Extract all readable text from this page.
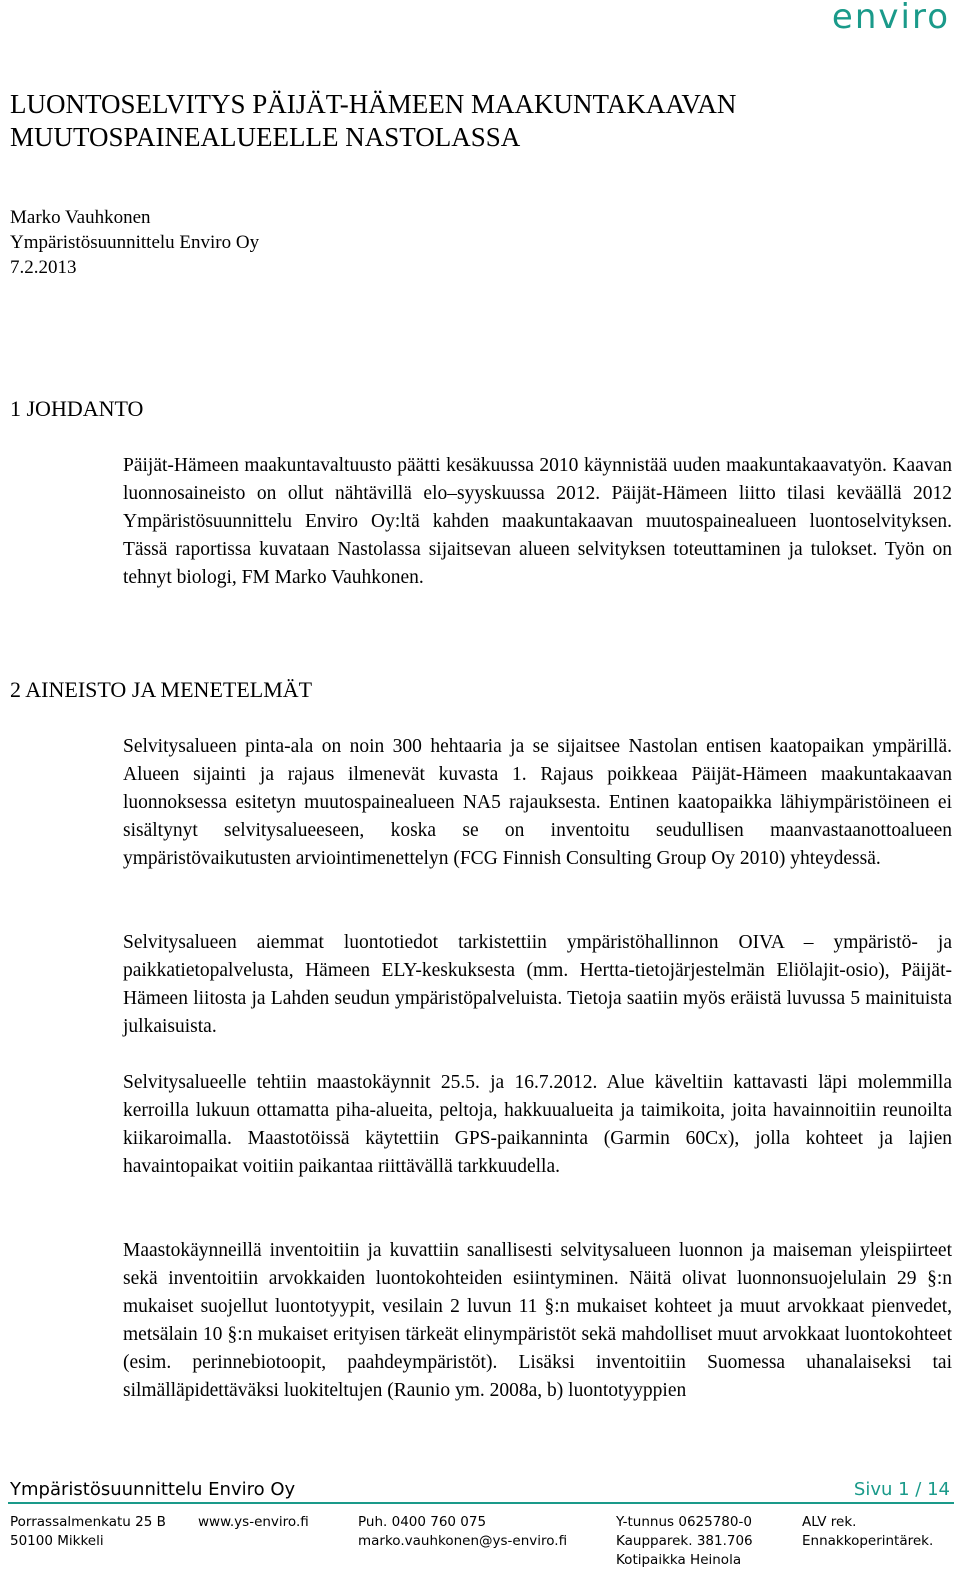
enviro
LUONTOSELVITYS PÄIJÄT-HÄMEEN MAAKUNTAKAAVAN MUUTOSPAINEALUEELLE NASTOLASSA
Marko Vauhkonen
Ympäristösuunnittelu Enviro Oy
7.2.2013
1 JOHDANTO

Päijät-Hämeen maakuntavaltuusto päätti kesäkuussa 2010 käynnistää uuden maakuntakaavatyön. Kaavan luonnosaineisto on ollut nähtävillä elo–syyskuussa 2012. Päijät-Hämeen liitto tilasi keväällä 2012 Ympäristösuunnittelu Enviro Oy:ltä kahden maakuntakaavan muutospainealueen luontoselvityksen. Tässä raportissa kuvataan Nastolassa sijaitsevan alueen selvityksen toteuttaminen ja tulokset. Työn on tehnyt biologi, FM Marko Vauhkonen.

2 AINEISTO JA MENETELMÄT

Selvitysalueen pinta-ala on noin 300 hehtaaria ja se sijaitsee Nastolan entisen kaatopaikan ympärillä. Alueen sijainti ja rajaus ilmenevät kuvasta 1. Rajaus poikkeaa Päijät-Hämeen maakuntakaavan luonnoksessa esitetyn muutospainealueen NA5 rajauksesta. Entinen kaatopaikka lähiympäristöineen ei sisältynyt selvitysalueeseen, koska se on inventoitu seudullisen maanvastaanottoalueen ympäristövaikutusten arviointimenettelyn (FCG Finnish Consulting Group Oy 2010) yhteydessä.

Selvitysalueen aiemmat luontotiedot tarkistettiin ympäristöhallinnon OIVA – ympäristö- ja paikkatietopalvelusta, Hämeen ELY-keskuksesta (mm. Hertta-tietojärjestelmän Eliölajit-osio), Päijät-Hämeen liitosta ja Lahden seudun ympäristöpalveluista. Tietoja saatiin myös eräistä luvussa 5 mainituista julkaisuista.

Selvitysalueelle tehtiin maastokäynnit 25.5. ja 16.7.2012. Alue käveltiin kattavasti läpi molemmilla kerroilla lukuun ottamatta piha-alueita, peltoja, hakkuualueita ja taimikoita, joita havainnoitiin reunoilta kiikaroimalla. Maastotöissä käytettiin GPS-paikanninta (Garmin 60Cx), jolla kohteet ja lajien havaintopaikat voitiin paikantaa riittävällä tarkkuudella.

Maastokäynneillä inventoitiin ja kuvattiin sanallisesti selvitysalueen luonnon ja maiseman yleispiirteet sekä inventoitiin arvokkaiden luontokohteiden esiintyminen. Näitä olivat luonnonsuojelulain 29 §:n mukaiset suojellut luontotyypit, vesilain 2 luvun 11 §:n mukaiset kohteet ja muut arvokkaat pienvedet, metsälain 10 §:n mukaiset erityisen tärkeät elinympäristöt sekä mahdolliset muut arvokkaat luontokohteet (esim. perinnebiotoopit, paahdeympäristöt). Lisäksi inventoitiin Suomessa uhanalaiseksi tai silmälläpidettäväksi luokiteltujen (Raunio ym. 2008a, b) luontotyyppien

Ympäristösuunnittelu Enviro Oy	Sivu 1 / 14
Porrassalmenkatu 25 B
50100 Mikkeli
www.ys-enviro.fi	Puh. 0400 760 075
marko.vauhkonen@ys-enviro.fi
Y-tunnus 0625780-0
Kaupparek. 381.706
Kotipaikka Heinola
ALV rek.
Ennakkoperintärek.
